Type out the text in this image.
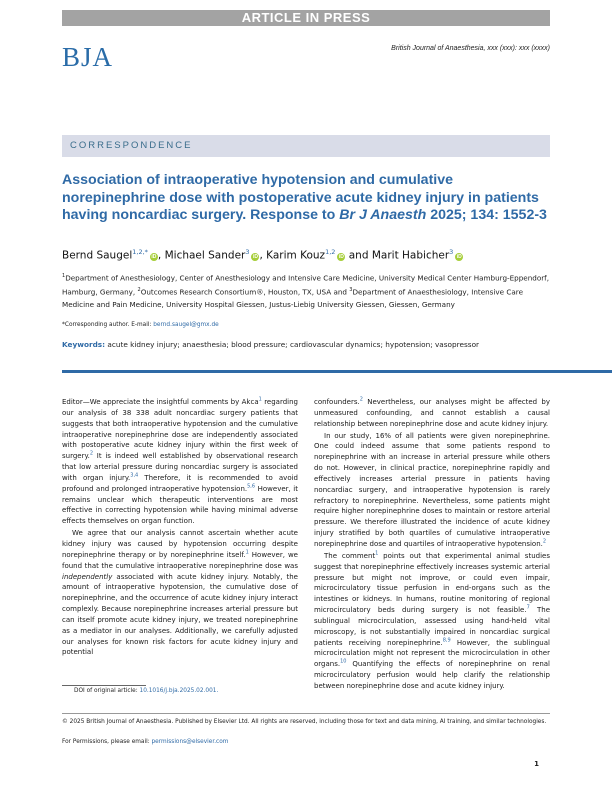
ARTICLE IN PRESS
BJA	British Journal of Anaesthesia, xxx (xxx): xxx (xxxx)
CORRESPONDENCE
Association of intraoperative hypotension and cumulative norepinephrine dose with postoperative acute kidney injury in patients having noncardiac surgery. Response to Br J Anaesth 2025; 134: 1552-3
Bernd Saugel$^{1,2,*}$iD , Michael Sander$^3$iD , Karim Kouz$^{1,2}$iD and Marit Habicher$^3$iD
$^1$Department of Anesthesiology, Center of Anesthesiology and Intensive Care Medicine, University Medical Center Hamburg-Eppendorf, Hamburg, Germany, $^2$Outcomes Research Consortium®, Houston, TX, USA and $^3$Department of Anaesthesiology, Intensive Care Medicine and Pain Medicine, University Hospital Giessen, Justus-Liebig University Giessen, Giessen, Germany
*Corresponding author. E-mail: bernd.saugel@gmx.de
Keywords: acute kidney injury; anaesthesia; blood pressure; cardiovascular dynamics; hypotension; vasopressor

Editor—We appreciate the insightful comments by Akca$^1$ regarding our analysis of 38 338 adult noncardiac surgery patients that suggests that both intraoperative hypotension and the cumulative intraoperative norepinephrine dose are independently associated with postoperative acute kidney injury within the first week of surgery.$^2$ It is indeed well established by observational research that low arterial pressure during noncardiac surgery is associated with organ injury.$^{3,4}$ Therefore, it is recommended to avoid profound and prolonged intraoperative hypotension.$^{5,6}$ However, it remains unclear which therapeutic interventions are most effective in correcting hypotension while having minimal adverse effects themselves on organ function.

We agree that our analysis cannot ascertain whether acute kidney injury was caused by hypotension occurring despite norepinephrine therapy or by norepinephrine itself.$^1$ However, we found that the cumulative intraoperative norepinephrine dose was independently associated with acute kidney injury. Notably, the amount of intraoperative hypotension, the cumulative dose of norepinephrine, and the occurrence of acute kidney injury interact complexly. Because norepinephrine increases arterial pressure but can itself promote acute kidney injury, we treated norepinephrine as a mediator in our analyses. Additionally, we carefully adjusted our analyses for known risk factors for acute kidney injury and potential

confounders.$^2$ Nevertheless, our analyses might be affected by unmeasured confounding, and cannot establish a causal relationship between norepinephrine dose and acute kidney injury.

In our study, 16% of all patients were given norepinephrine. One could indeed assume that some patients respond to norepinephrine with an increase in arterial pressure while others do not. However, in clinical practice, norepinephrine rapidly and effectively increases arterial pressure in patients having noncardiac surgery, and intraoperative hypotension is rarely refractory to norepinephrine. Nevertheless, some patients might require higher norepinephrine doses to maintain or restore arterial pressure. We therefore illustrated the incidence of acute kidney injury stratified by both quartiles of cumulative intraoperative norepinephrine dose and quartiles of intraoperative hypotension.$^2$

The comment$^1$ points out that experimental animal studies suggest that norepinephrine effectively increases systemic arterial pressure but might not improve, or could even impair, microcirculatory tissue perfusion in end-organs such as the intestines or kidneys. In humans, routine monitoring of regional microcirculatory beds during surgery is not feasible.$^7$ The sublingual microcirculation, assessed using hand-held vital microscopy, is not substantially impaired in noncardiac surgical patients receiving norepinephrine.$^{8,9}$ However, the sublingual microcirculation might not represent the microcirculation in other organs.$^{10}$ Quantifying the effects of norepinephrine on renal microcirculatory perfusion would help clarify the relationship between norepinephrine dose and acute kidney injury.

DOI of original article: 10.1016/j.bja.2025.02.001.
© 2025 British Journal of Anaesthesia. Published by Elsevier Ltd. All rights are reserved, including those for text and data mining, AI training, and similar technologies.
For Permissions, please email: permissions@elsevier.com
1
